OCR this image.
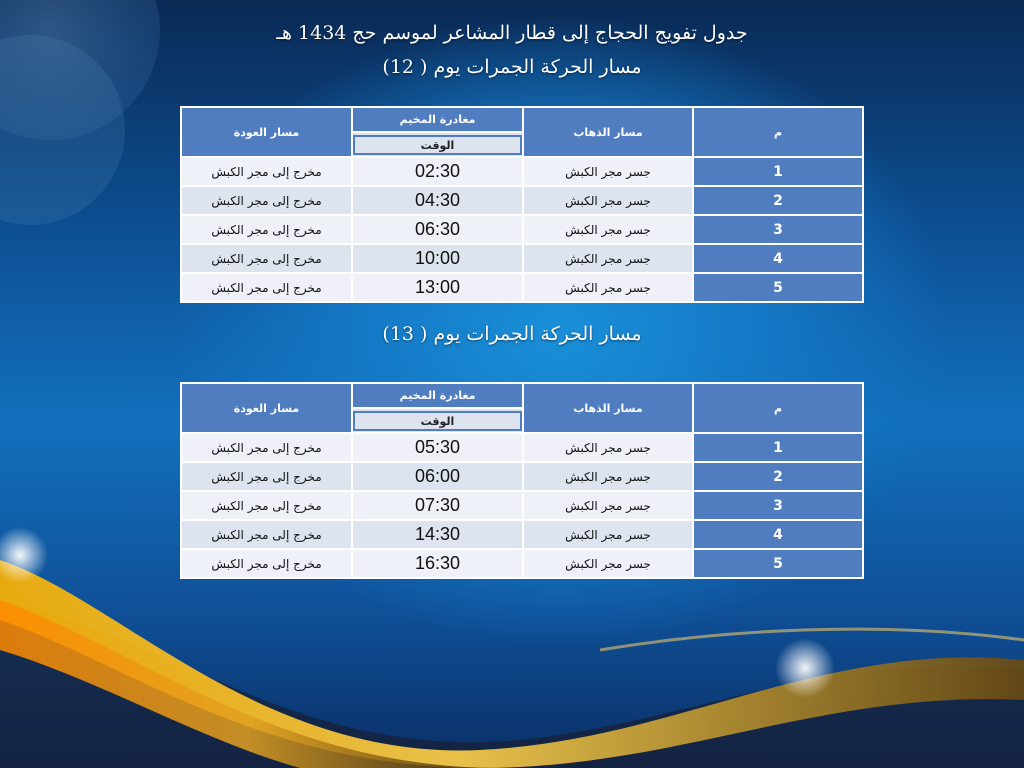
جدول تفويج الحجاج إلى قطار المشاعر لموسم حج 1434 هـ
مسار الحركة الجمرات يوم ( 12)
مسار الحركة الجمرات يوم ( 13)
م	مسار الذهاب	مغادرة المخيم	مسار العودة

		الوقت	

1	جسر مجر الكبش	02:30	مخرج إلى مجر الكبش
2	جسر مجر الكبش	04:30	مخرج إلى مجر الكبش
3	جسر مجر الكبش	06:30	مخرج إلى مجر الكبش
4	جسر مجر الكبش	10:00	مخرج إلى مجر الكبش
5	جسر مجر الكبش	13:00	مخرج إلى مجر الكبش
م	مسار الذهاب	مغادرة المخيم	مسار العودة

		الوقت	

1	جسر مجر الكبش	05:30	مخرج إلى مجر الكبش
2	جسر مجر الكبش	06:00	مخرج إلى مجر الكبش
3	جسر مجر الكبش	07:30	مخرج إلى مجر الكبش
4	جسر مجر الكبش	14:30	مخرج إلى مجر الكبش
5	جسر مجر الكبش	16:30	مخرج إلى مجر الكبش
